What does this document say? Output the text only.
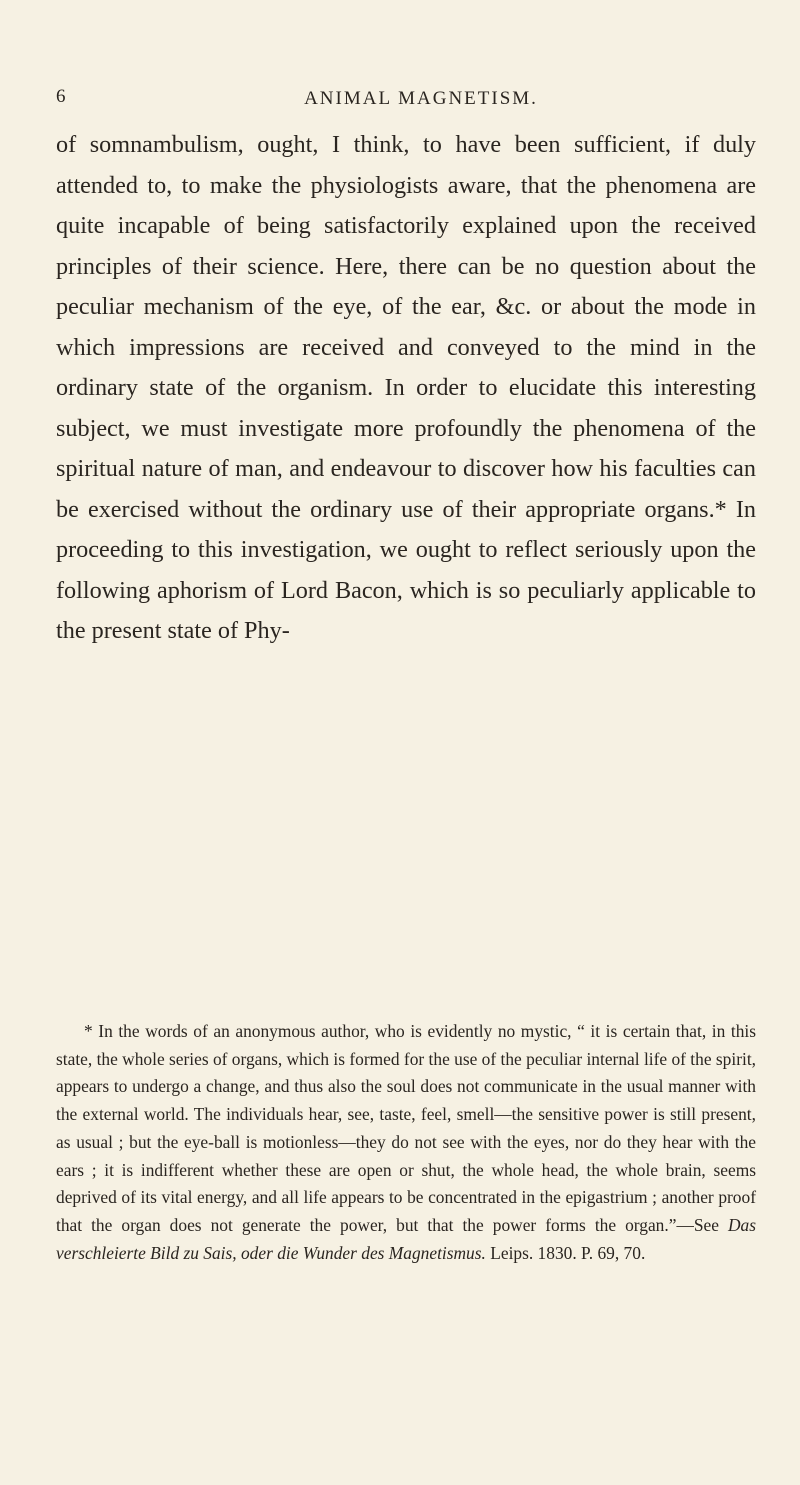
6	ANIMAL MAGNETISM.

of somnambulism, ought, I think, to have been sufficient, if duly attended to, to make the physiologists aware, that the phenomena are quite incapable of being satisfactorily explained upon the received principles of their science. Here, there can be no question about the peculiar mechanism of the eye, of the ear, &c. or about the mode in which impressions are received and conveyed to the mind in the ordinary state of the organism. In order to elucidate this interesting subject, we must investigate more profoundly the phenomena of the spiritual nature of man, and endeavour to discover how his faculties can be exercised without the ordinary use of their appropriate organs.* In proceeding to this investigation, we ought to reflect seriously upon the following aphorism of Lord Bacon, which is so peculiarly applicable to the present state of Phy-

* In the words of an anonymous author, who is evidently no mystic, “ it is certain that, in this state, the whole series of organs, which is formed for the use of the peculiar internal life of the spirit, appears to undergo a change, and thus also the soul does not communicate in the usual manner with the external world. The individuals hear, see, taste, feel, smell—the sensitive power is still present, as usual ; but the eye-ball is motionless—they do not see with the eyes, nor do they hear with the ears ; it is indifferent whether these are open or shut, the whole head, the whole brain, seems deprived of its vital energy, and all life appears to be concentrated in the epigastrium ; another proof that the organ does not generate the power, but that the power forms the organ.”—See Das verschleierte Bild zu Sais, oder die Wunder des Magnetismus. Leips. 1830. P. 69, 70.
